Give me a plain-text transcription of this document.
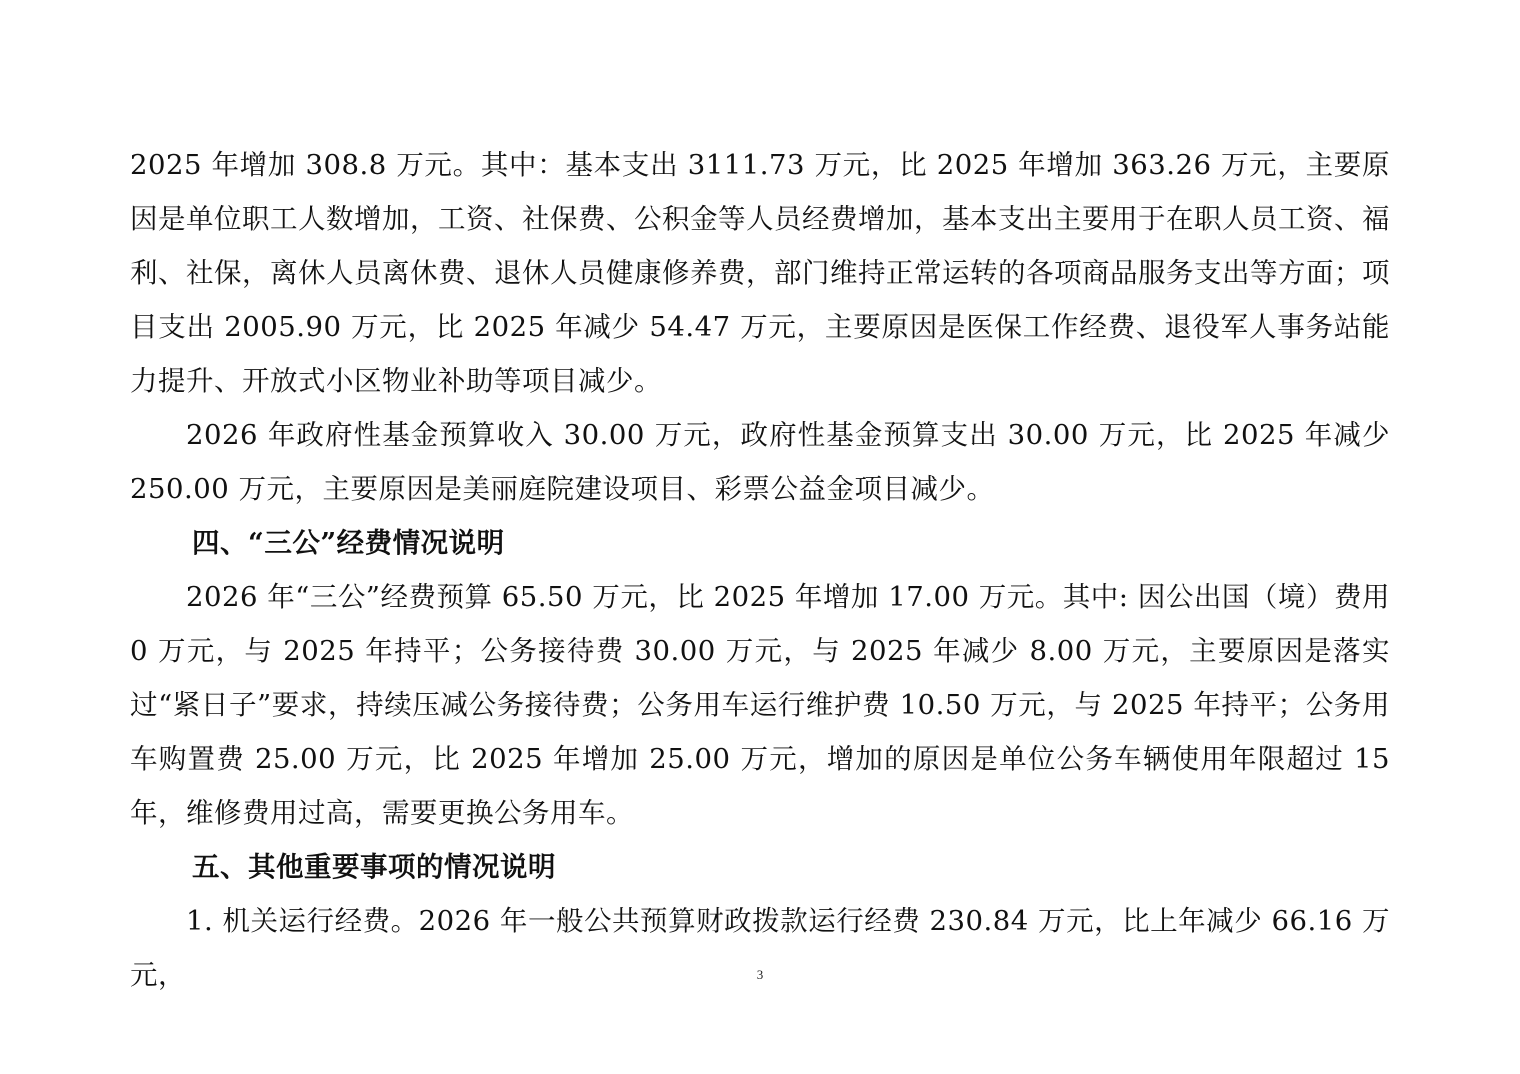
2025 年增加 308.8 万元。其中：基本支出 3111.73 万元，比 2025 年增加 363.26 万元，主要原因是单位职工人数增加，工资、社保费、公积金等人员经费增加，基本支出主要用于在职人员工资、福利、社保，离休人员离休费、退休人员健康修养费，部门维持正常运转的各项商品服务支出等方面；项目支出 2005.90 万元，比 2025 年减少 54.47 万元，主要原因是医保工作经费、退役军人事务站能力提升、开放式小区物业补助等项目减少。

2026 年政府性基金预算收入 30.00 万元，政府性基金预算支出 30.00 万元，比 2025 年减少 250.00 万元，主要原因是美丽庭院建设项目、彩票公益金项目减少。

四、“三公”经费情况说明

2026 年“三公”经费预算 65.50 万元，比 2025 年增加 17.00 万元。其中: 因公出国（境）费用 0 万元，与 2025 年持平；公务接待费 30.00 万元，与 2025 年减少 8.00 万元，主要原因是落实过“紧日子”要求，持续压减公务接待费；公务用车运行维护费 10.50 万元，与 2025 年持平；公务用车购置费 25.00 万元，比 2025 年增加 25.00 万元，增加的原因是单位公务车辆使用年限超过 15 年，维修费用过高，需要更换公务用车。

五、其他重要事项的情况说明

1. 机关运行经费。2026 年一般公共预算财政拨款运行经费 230.84 万元，比上年减少 66.16 万元，	3
